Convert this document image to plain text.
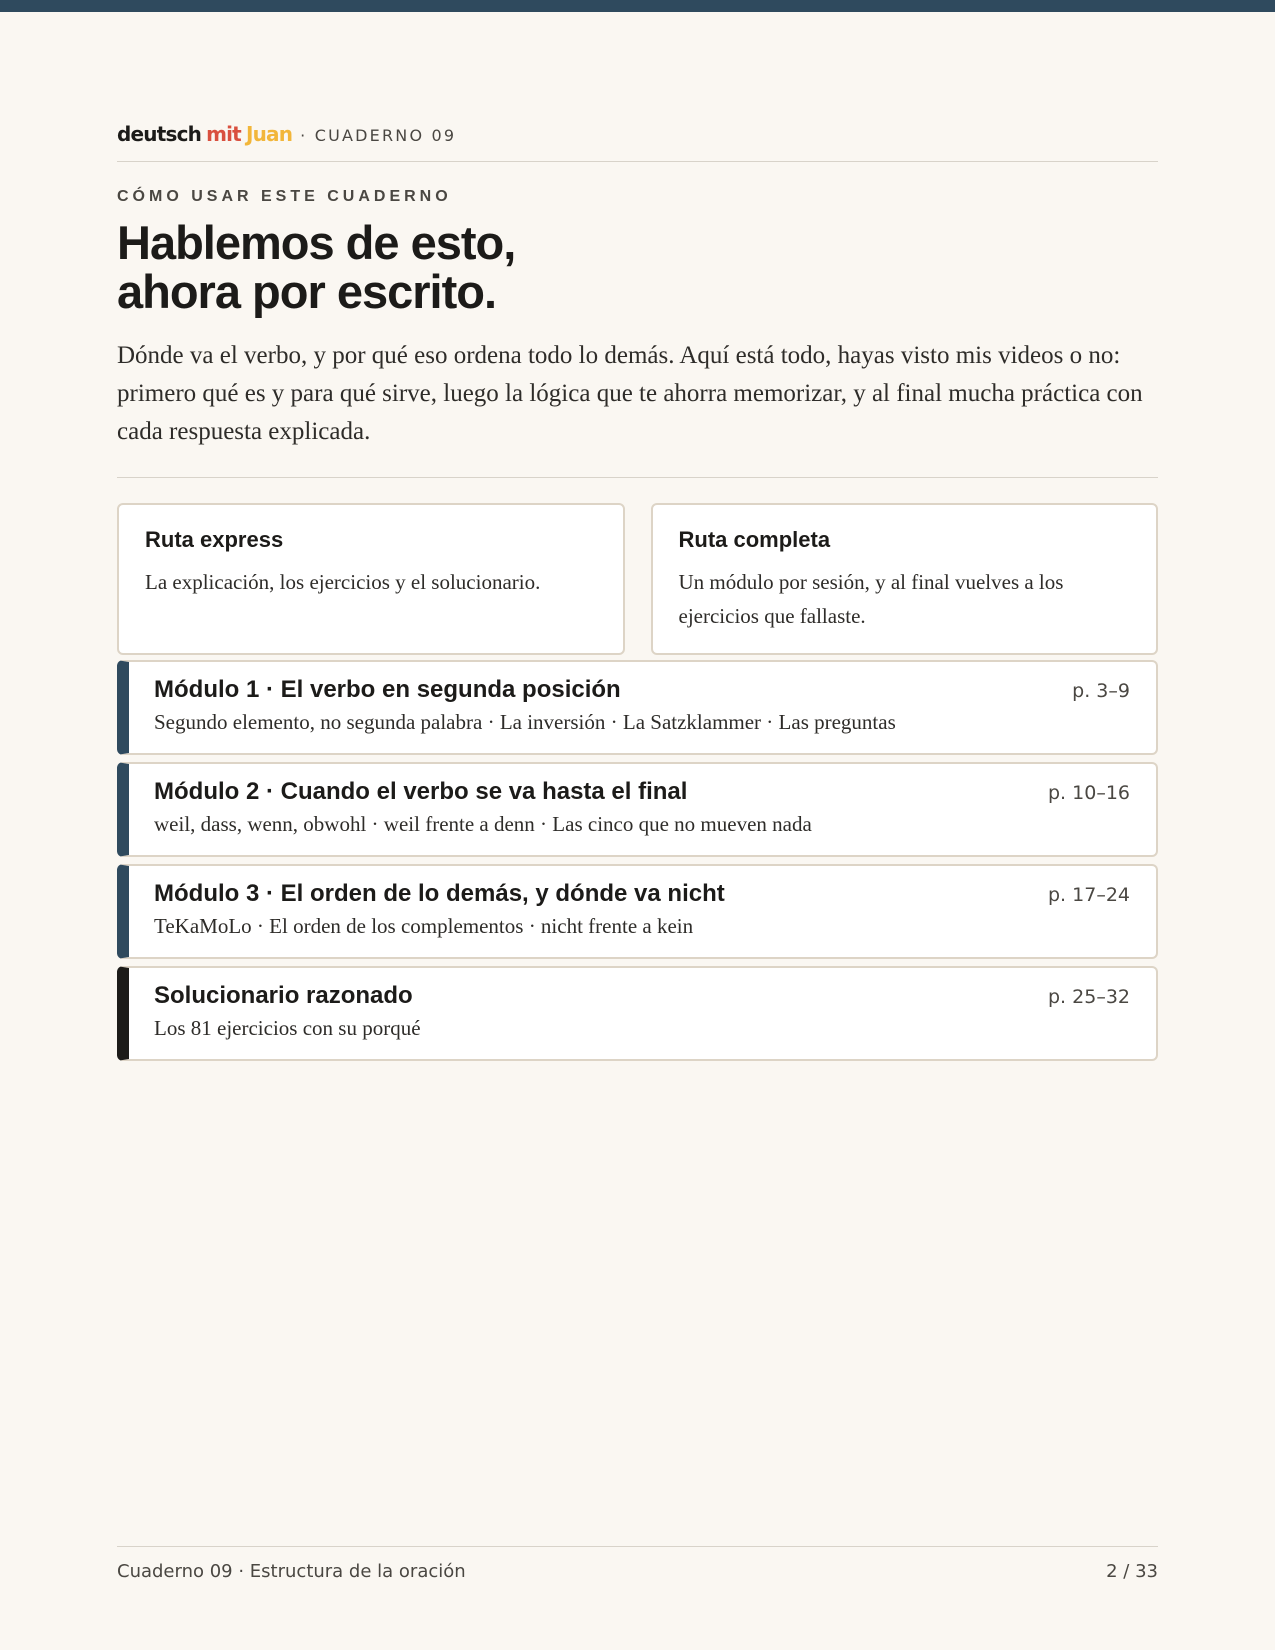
deutsch mit Juan · CUADERNO 09
CÓMO USAR ESTE CUADERNO
Hablemos de esto,
ahora por escrito.

Dónde va el verbo, y por qué eso ordena todo lo demás. Aquí está todo, hayas visto mis videos o no: primero qué es y para qué sirve, luego la lógica que te ahorra memorizar, y al final mucha práctica con cada respuesta explicada.

Ruta express
La explicación, los ejercicios y el solucionario.
Ruta completa
Un módulo por sesión, y al final vuelves a los ejercicios que fallaste.
Módulo 1 · El verbo en segunda posición	p. 3–9
Segundo elemento, no segunda palabra · La inversión · La Satzklammer · Las preguntas
Módulo 2 · Cuando el verbo se va hasta el final	p. 10–16
weil, dass, wenn, obwohl · weil frente a denn · Las cinco que no mueven nada
Módulo 3 · El orden de lo demás, y dónde va nicht	p. 17–24
TeKaMoLo · El orden de los complementos · nicht frente a kein
Solucionario razonado	p. 25–32
Los 81 ejercicios con su porqué
Cuaderno 09 · Estructura de la oración	2 / 33
